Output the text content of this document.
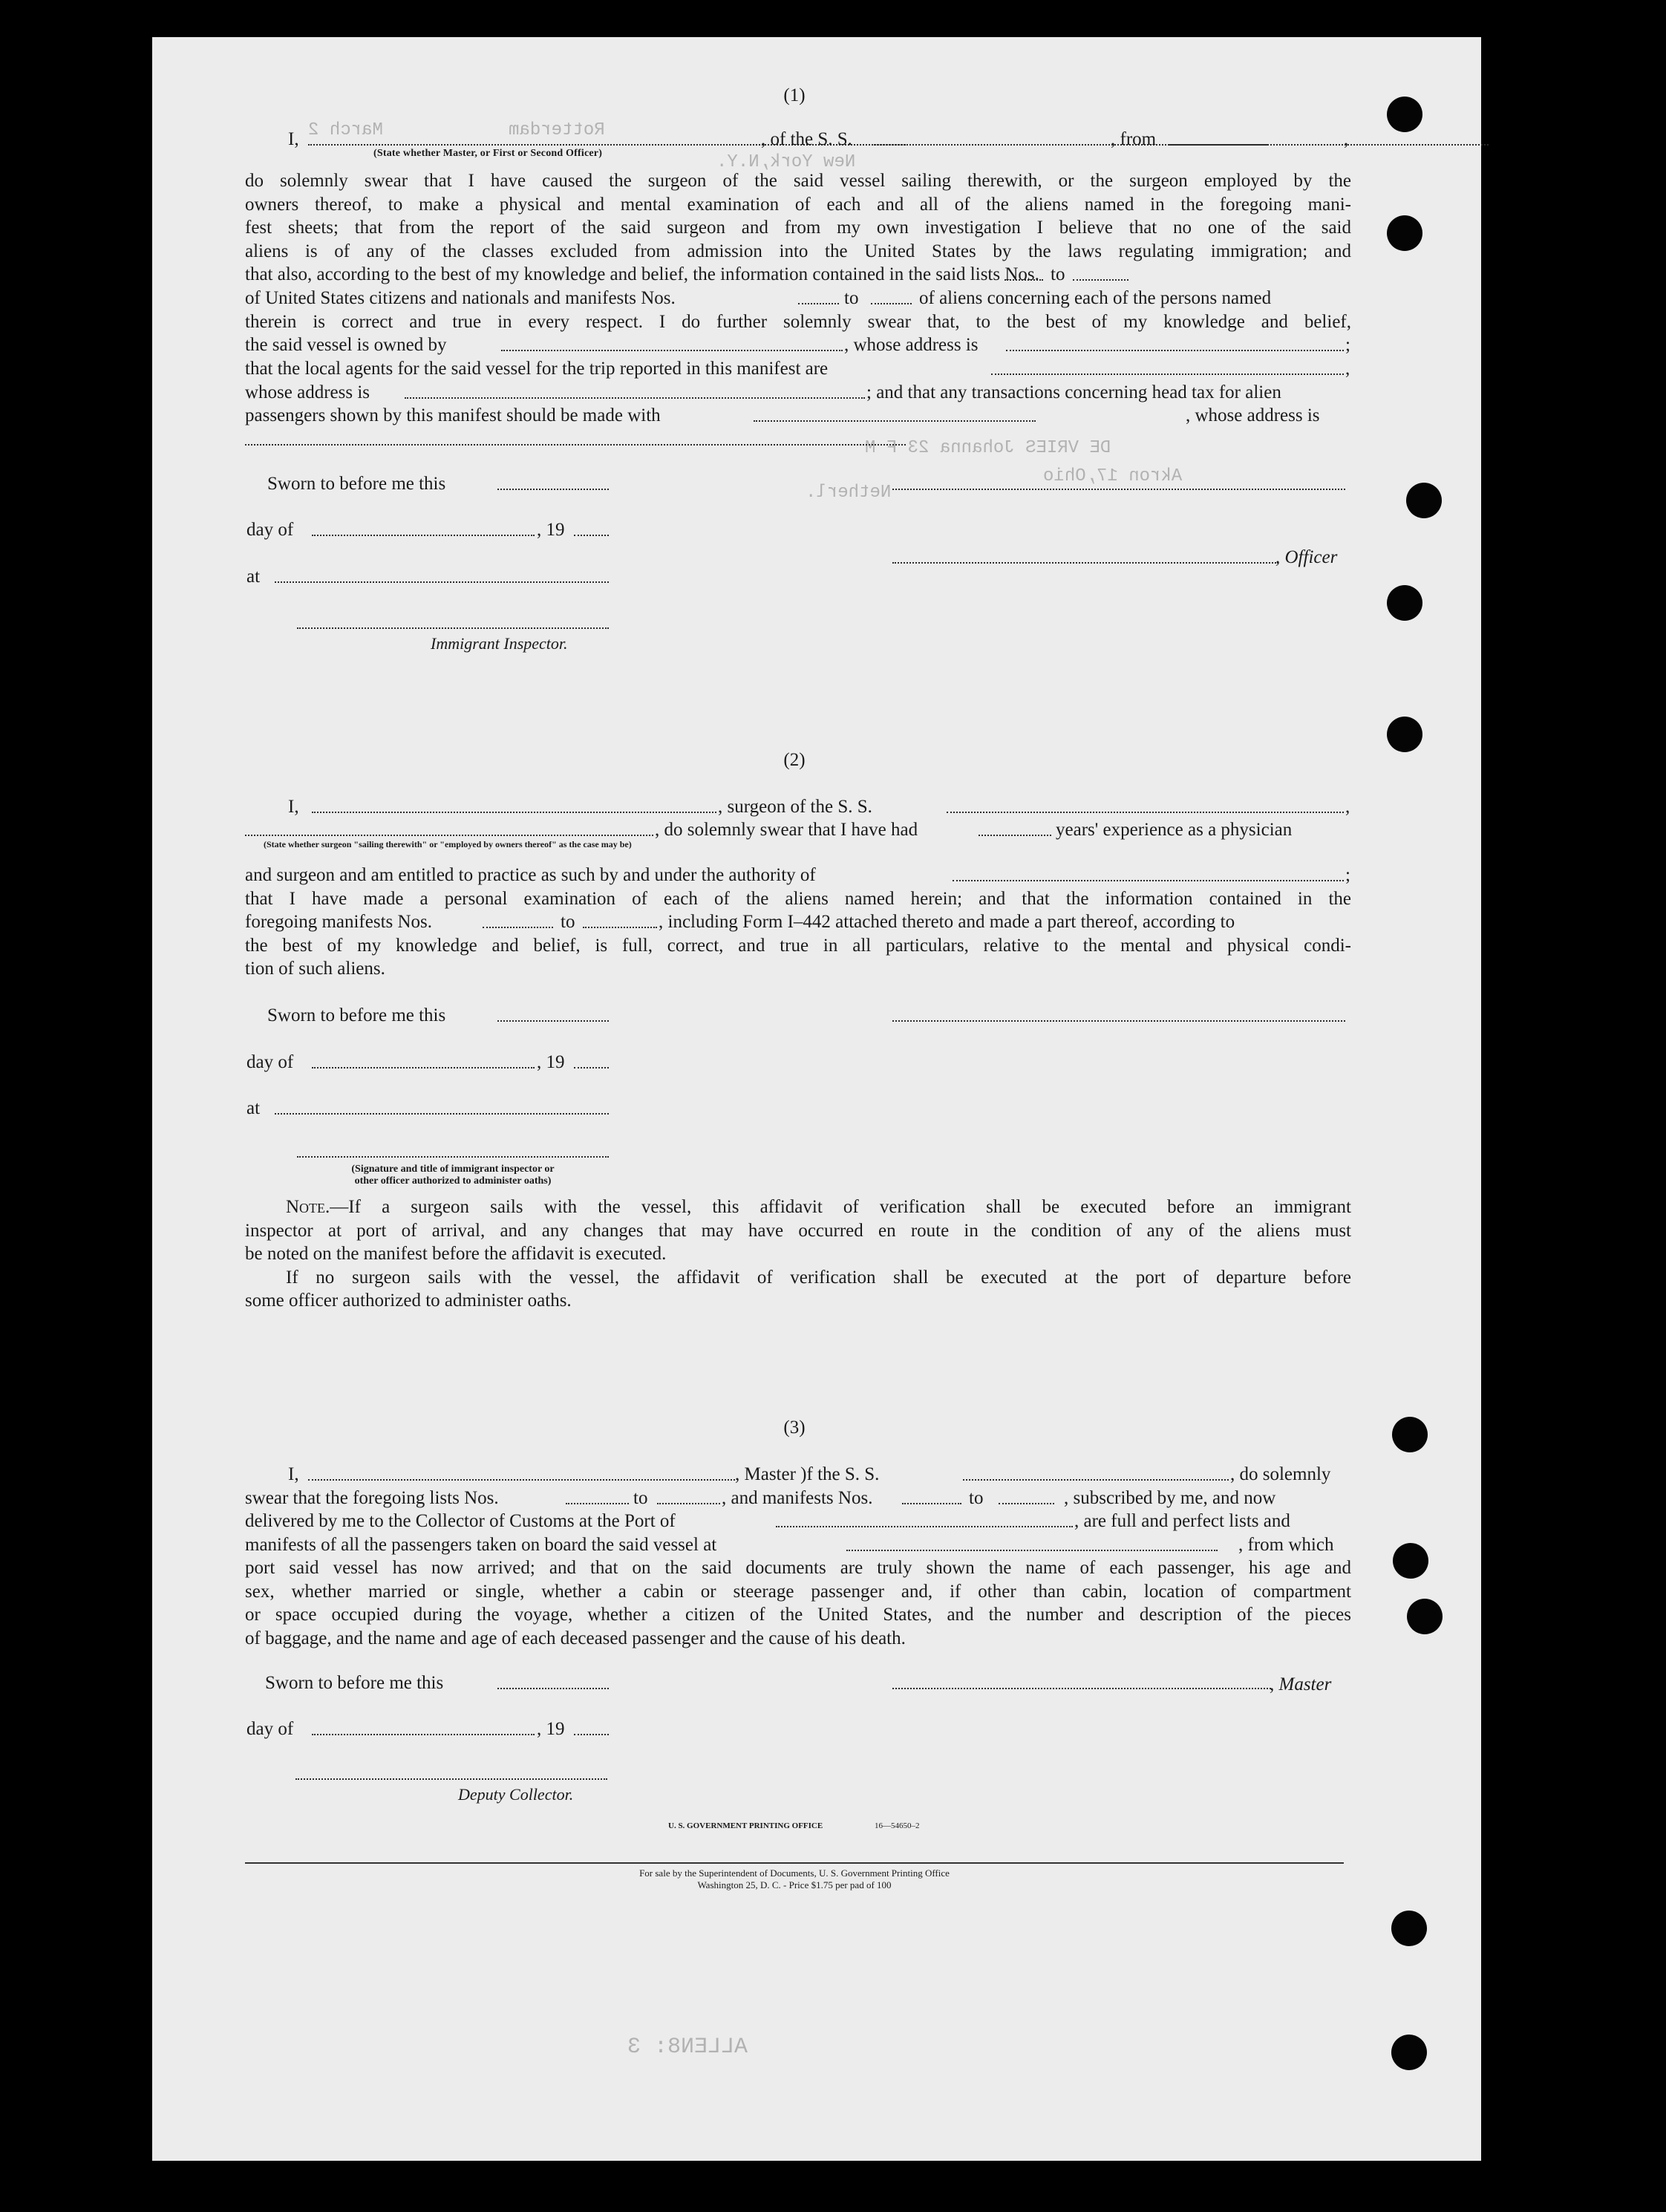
Rotterdam
March 2
New York,N.Y.
DE VRIES Johanna 23 F M
Akron 17,Ohio
Netherl.
ALLEN8: 3
(1)
I,
(State whether Master, or First or Second Officer)
, of the S. S.	, from	,
do solemnly swear that I have caused the surgeon of the said vessel sailing therewith, or the surgeon employed by the
owners thereof, to make a physical and mental examination of each and all of the aliens named in the foregoing mani-
fest sheets; that from the report of the said surgeon and from my own investigation I believe that no one of the said
aliens is of any of the classes excluded from admission into the United States by the laws regulating immigration; and
that also, according to the best of my knowledge and belief, the information contained in the said lists Nos. to
of United States citizens and nationals and manifests Nos.	to	of aliens concerning each of the persons named
therein is correct and true in every respect. I do further solemnly swear that, to the best of my knowledge and belief,
the said vessel is owned by	, whose address is	;
that the local agents for the said vessel for the trip reported in this manifest are	,
whose address is	; and that any transactions concerning head tax for alien
passengers shown by this manifest should be made with	, whose address is
Sworn to before me this
day of	, 19
, Officer
at
Immigrant Inspector.
(2)
I,	, surgeon of the S. S.	,
, do solemnly swear that I have had	years' experience as a physician
(State whether surgeon "sailing therewith" or "employed by owners thereof" as the case may be)
and surgeon and am entitled to practice as such by and under the authority of	;
that I have made a personal examination of each of the aliens named herein; and that the information contained in the
foregoing manifests Nos.	to	, including Form I–442 attached thereto and made a part thereof, according to
the best of my knowledge and belief, is full, correct, and true in all particulars, relative to the mental and physical condi-
tion of such aliens.
Sworn to before me this
day of	, 19
at
(Signature and title of immigrant inspector or
other officer authorized to administer oaths)
Note.—If a surgeon sails with the vessel, this affidavit of verification shall be executed before an immigrant
inspector at port of arrival, and any changes that may have occurred en route in the condition of any of the aliens must
be noted on the manifest before the affidavit is executed.
If no surgeon sails with the vessel, the affidavit of verification shall be executed at the port of departure before
some officer authorized to administer oaths.
(3)
I,	, Master )f the S. S.	, do solemnly
swear that the foregoing lists Nos.	to	, and manifests Nos.	to	, subscribed by me, and now
delivered by me to the Collector of Customs at the Port of	, are full and perfect lists and
manifests of all the passengers taken on board the said vessel at	, from which
port said vessel has now arrived; and that on the said documents are truly shown the name of each passenger, his age and
sex, whether married or single, whether a cabin or steerage passenger and, if other than cabin, location of compartment
or space occupied during the voyage, whether a citizen of the United States, and the number and description of the pieces
of baggage, and the name and age of each deceased passenger and the cause of his death.
Sworn to before me this	, Master
day of	, 19
Deputy Collector.
U. S. GOVERNMENT PRINTING OFFICE	16—54650–2
For sale by the Superintendent of Documents, U. S. Government Printing Office
Washington 25, D. C. - Price $1.75 per pad of 100
